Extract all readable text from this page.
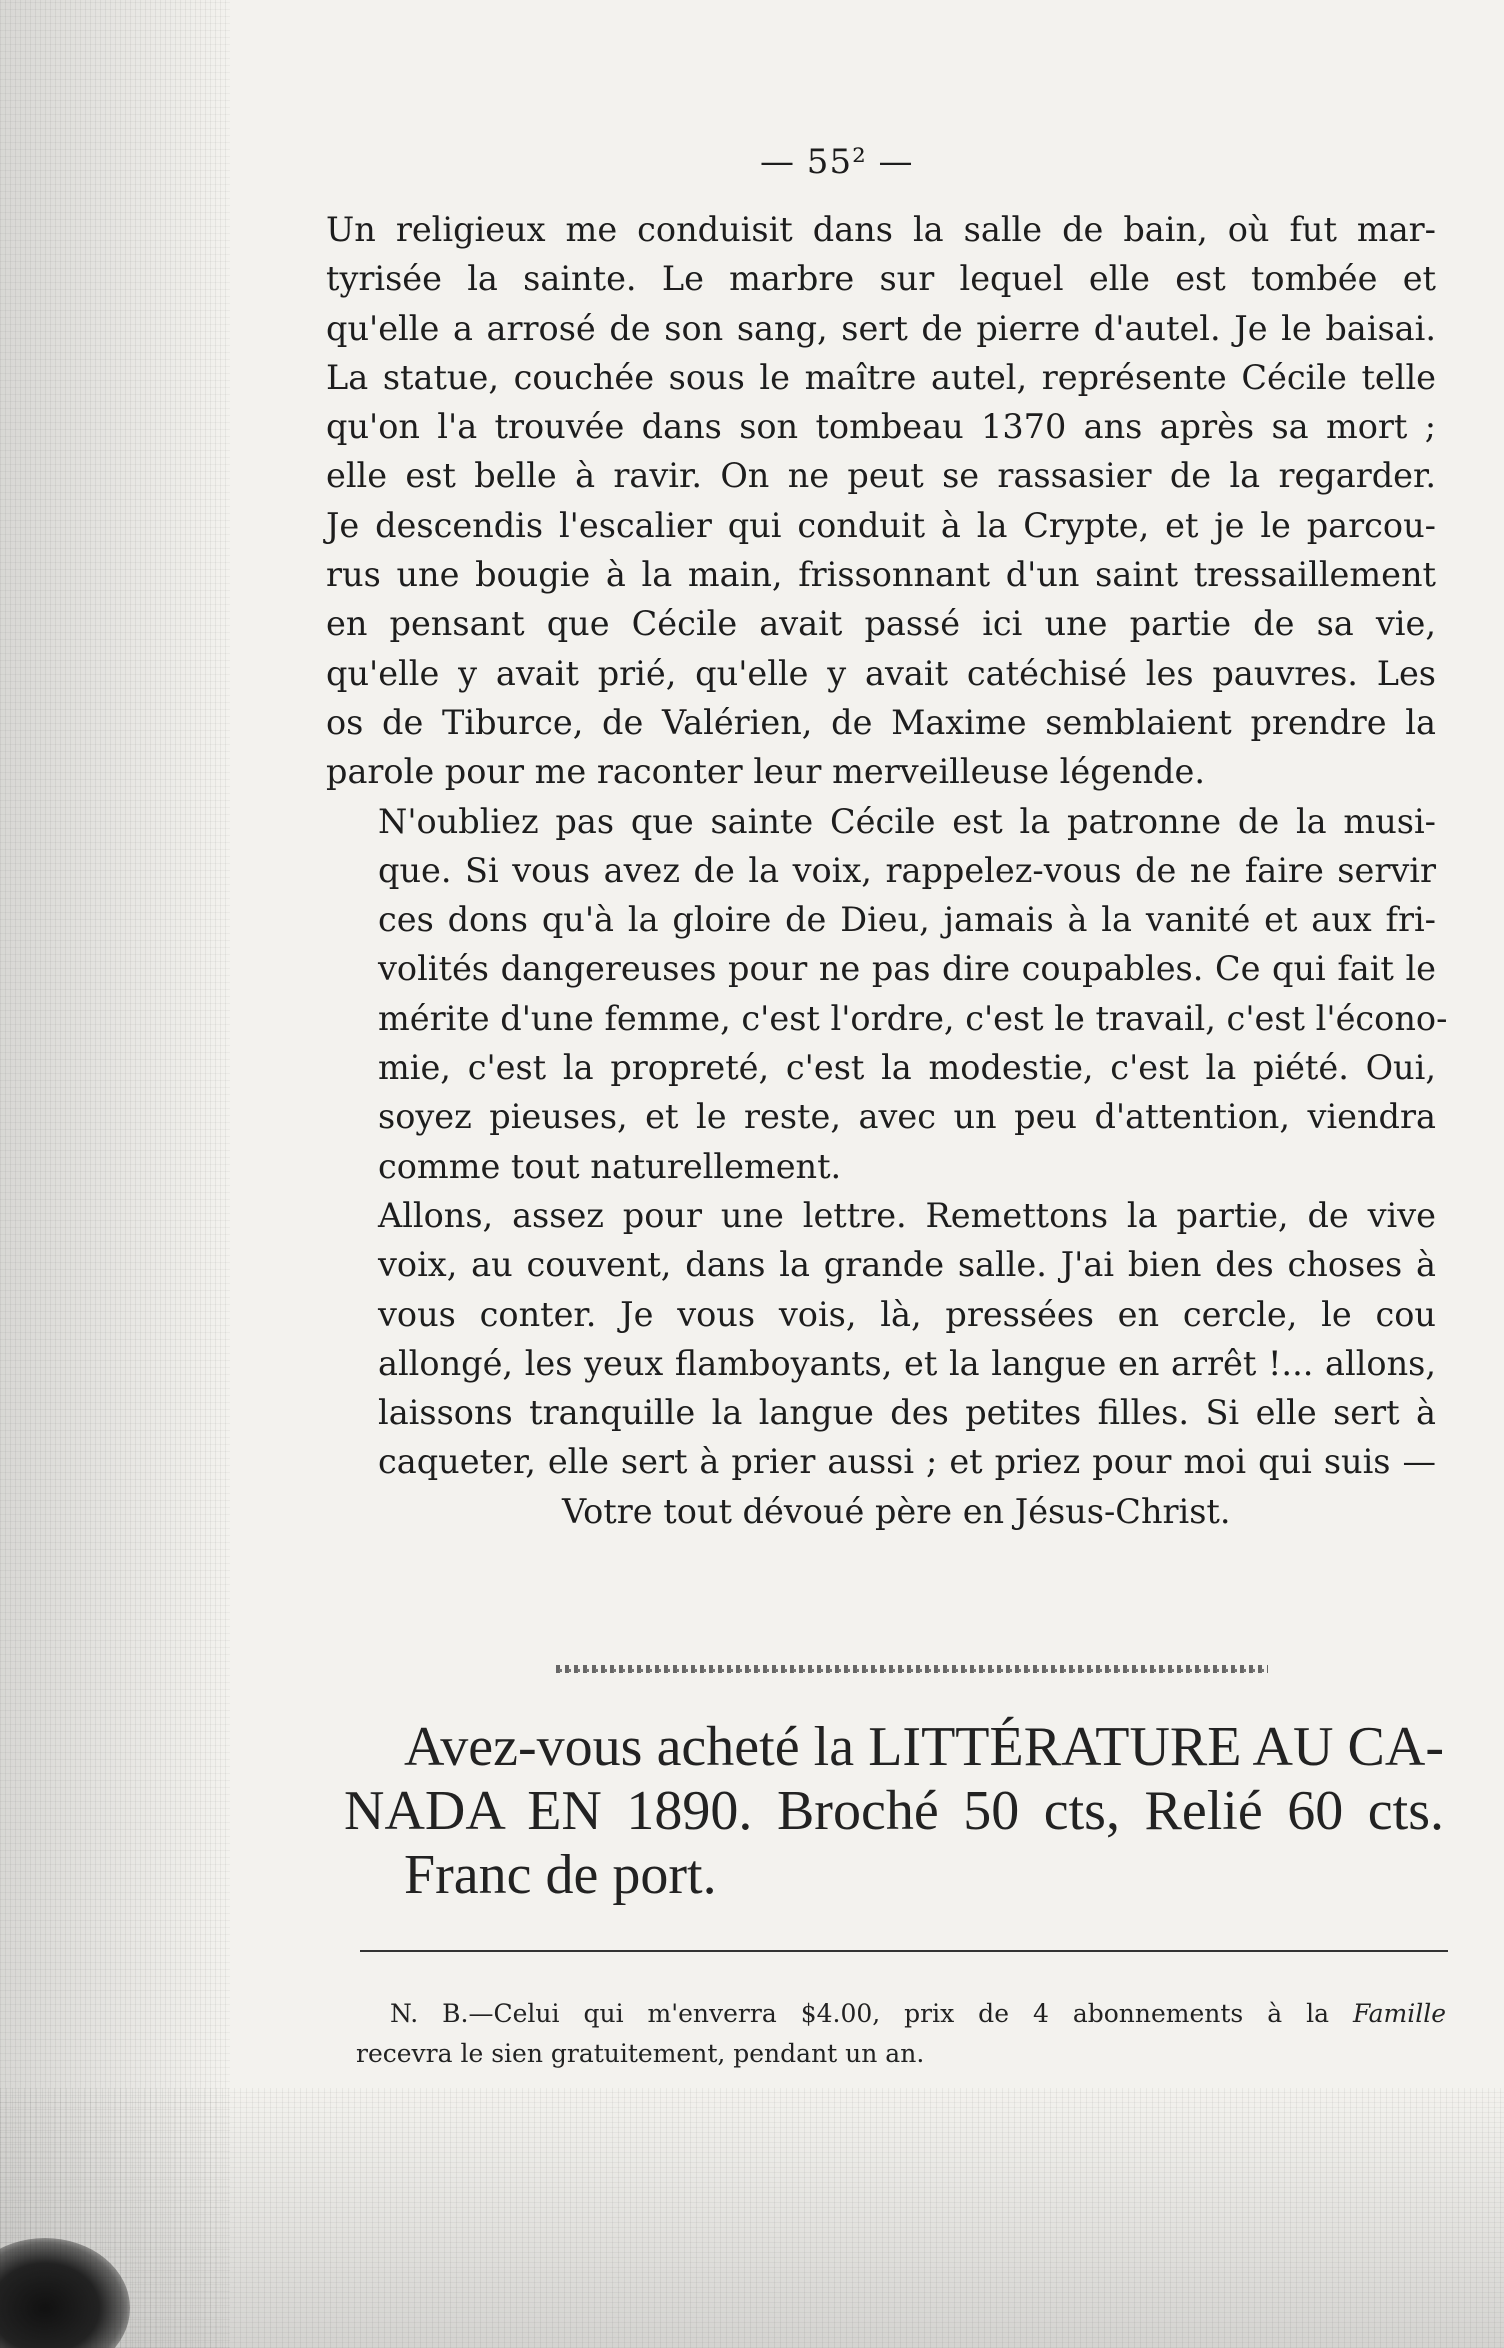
— 55² —

Un religieux me conduisit dans la salle de bain, où fut mar-
tyrisée la sainte. Le marbre sur lequel elle est tombée et
qu'elle a arrosé de son sang, sert de pierre d'autel. Je le baisai.
La statue, couchée sous le maître autel, représente Cécile telle
qu'on l'a trouvée dans son tombeau 1370 ans après sa mort ;
elle est belle à ravir. On ne peut se rassasier de la regarder.
Je descendis l'escalier qui conduit à la Crypte, et je le parcou-
rus une bougie à la main, frissonnant d'un saint tressaillement
en pensant que Cécile avait passé ici une partie de sa vie,
qu'elle y avait prié, qu'elle y avait catéchisé les pauvres. Les
os de Tiburce, de Valérien, de Maxime semblaient prendre la
parole pour me raconter leur merveilleuse légende.

N'oubliez pas que sainte Cécile est la patronne de la musi-
que. Si vous avez de la voix, rappelez-vous de ne faire servir
ces dons qu'à la gloire de Dieu, jamais à la vanité et aux fri-
volités dangereuses pour ne pas dire coupables. Ce qui fait le
mérite d'une femme, c'est l'ordre, c'est le travail, c'est l'écono-
mie, c'est la propreté, c'est la modestie, c'est la piété. Oui,
soyez pieuses, et le reste, avec un peu d'attention, viendra
comme tout naturellement.

Allons, assez pour une lettre. Remettons la partie, de vive
voix, au couvent, dans la grande salle. J'ai bien des choses à
vous conter. Je vous vois, là, pressées en cercle, le cou
allongé, les yeux flamboyants, et la langue en arrêt !... allons,
laissons tranquille la langue des petites filles. Si elle sert à
caqueter, elle sert à prier aussi ; et priez pour moi qui suis —

Votre tout dévoué père en Jésus-Christ.

Avez-vous acheté la LITTÉRATURE AU CA-
NADA EN 1890. Broché 50 cts, Relié 60 cts.
Franc de port.
N. B.—Celui qui m'enverra $4.00, prix de 4 abonnements à la Famille
recevra le sien gratuitement, pendant un an.
